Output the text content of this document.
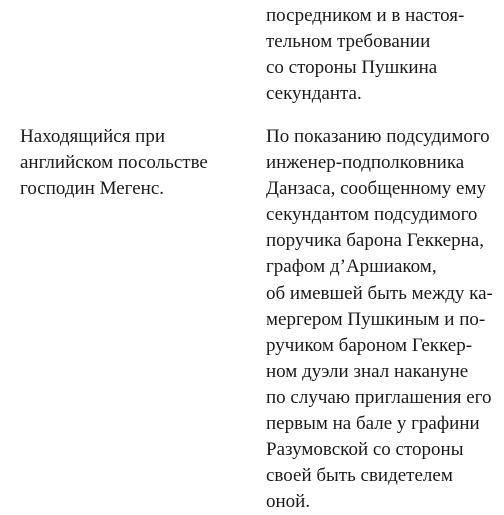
посредником и в настоя-
тельном требовании
со стороны Пушкина
секунданта.
Находящийся при
английском посольстве
господин Мегенс.
По показанию подсудимого
инженер-подполковника
Данзаса, сообщенному ему
секундантом подсудимого
поручика барона Геккерна,
графом д’Аршиаком,
об имевшей быть между ка-
мергером Пушкиным и по-
ручиком бароном Геккер-
ном дуэли знал накануне
по случаю приглашения его
первым на бале у графини
Разумовской со стороны
своей быть свидетелем
оной.
